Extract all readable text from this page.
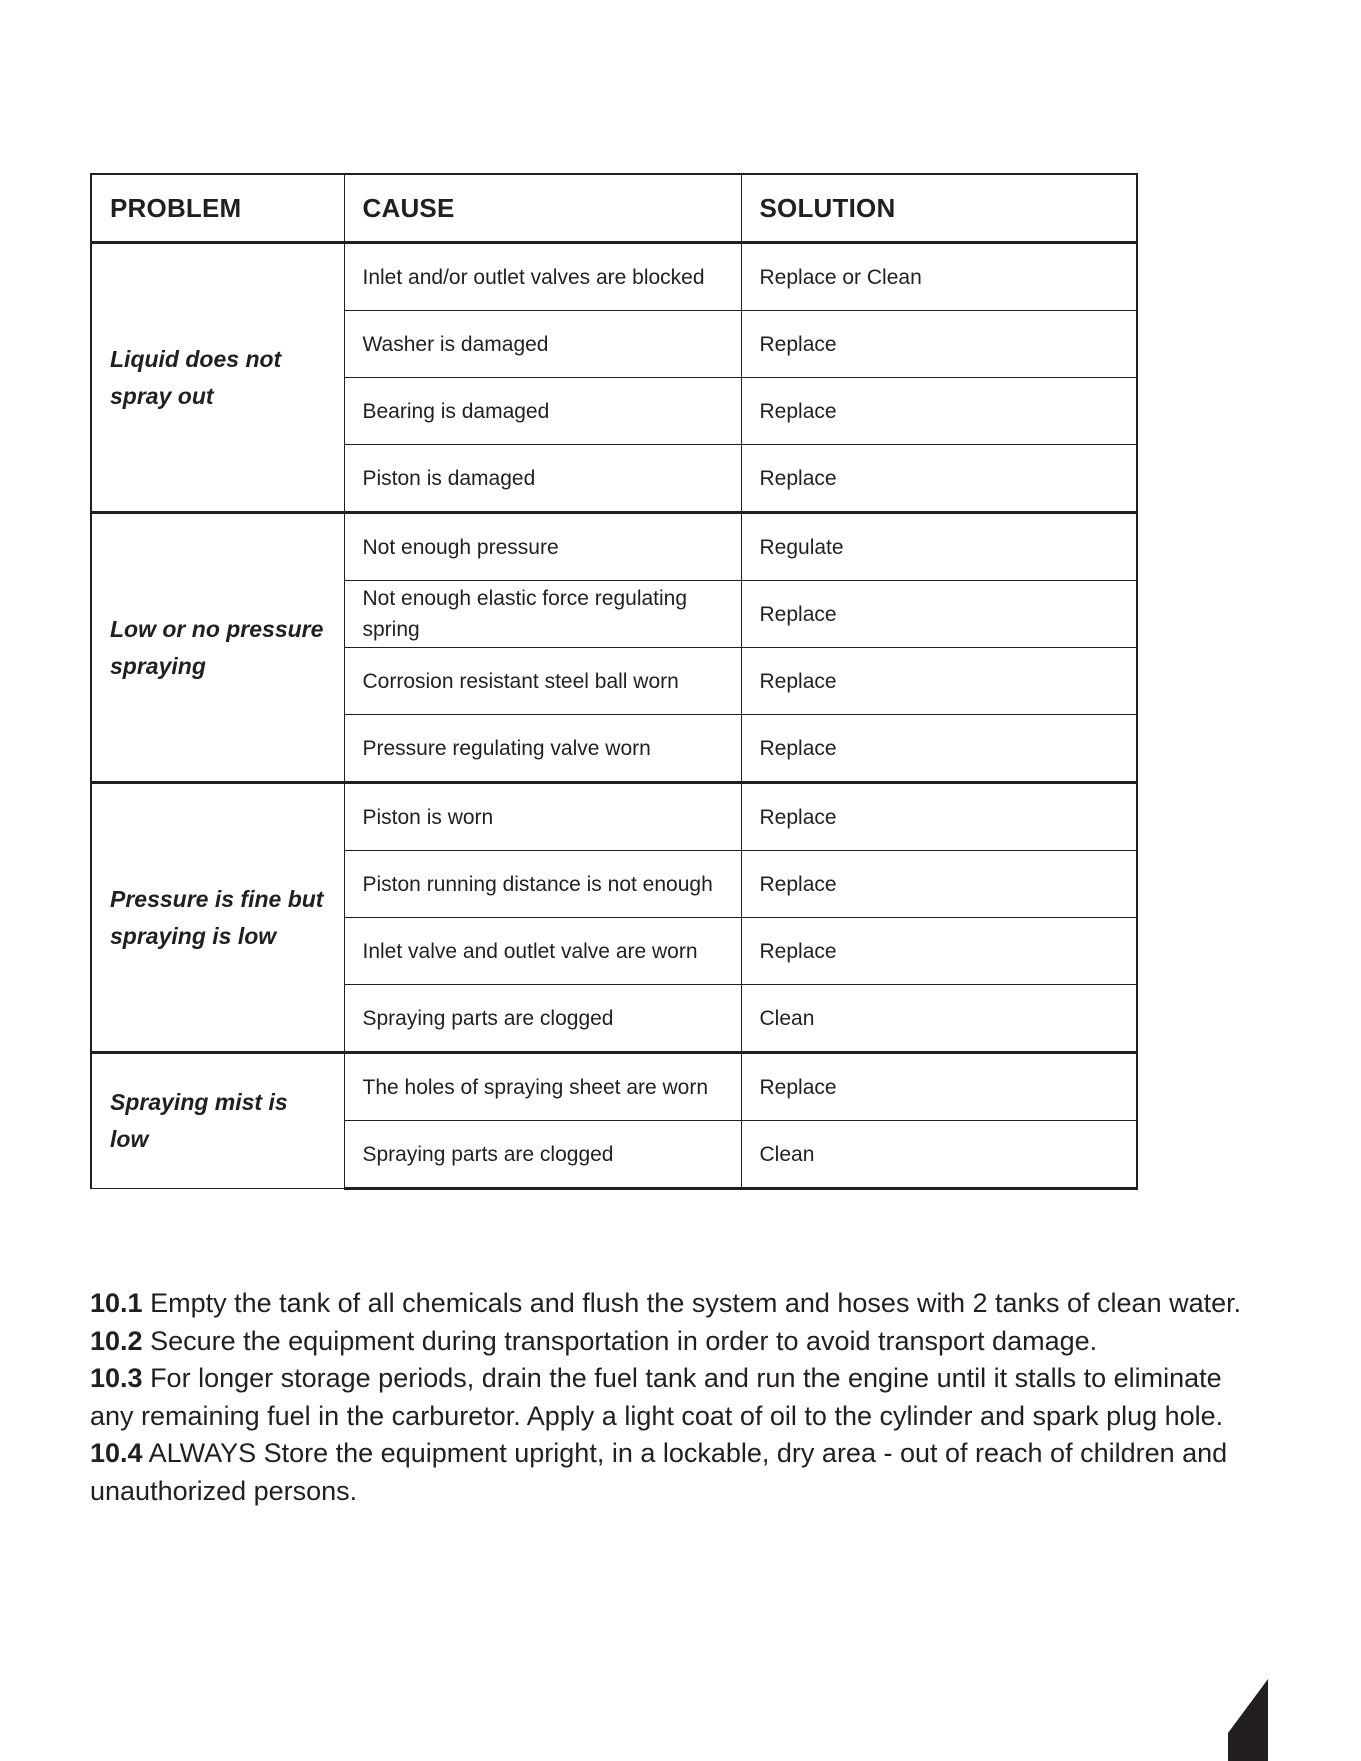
PROBLEM	CAUSE	SOLUTION
Liquid does not spray out	Inlet and/or outlet valves are blocked	Replace or Clean
	Washer is damaged	Replace
	Bearing is damaged	Replace
	Piston is damaged	Replace
Low or no pressure spraying	Not enough pressure	Regulate
	Not enough elastic force regulating spring	Replace
	Corrosion resistant steel ball worn	Replace
	Pressure regulating valve worn	Replace
Pressure is fine but spraying is low	Piston is worn	Replace
	Piston running distance is not enough	Replace
	Inlet valve and outlet valve are worn	Replace
	Spraying parts are clogged	Clean
Spraying mist is low	The holes of spraying sheet are worn	Replace
	Spraying parts are clogged	Clean

10.1 Empty the tank of all chemicals and flush the system and hoses with 2 tanks of clean water.

10.2 Secure the equipment during transportation in order to avoid transport damage.

10.3 For longer storage periods, drain the fuel tank and run the engine until it stalls to eliminate any remaining fuel in the carburetor. Apply a light coat of oil to the cylinder and spark plug hole.

10.4 ALWAYS Store the equipment upright, in a lockable, dry area - out of reach of children and unauthorized persons.
